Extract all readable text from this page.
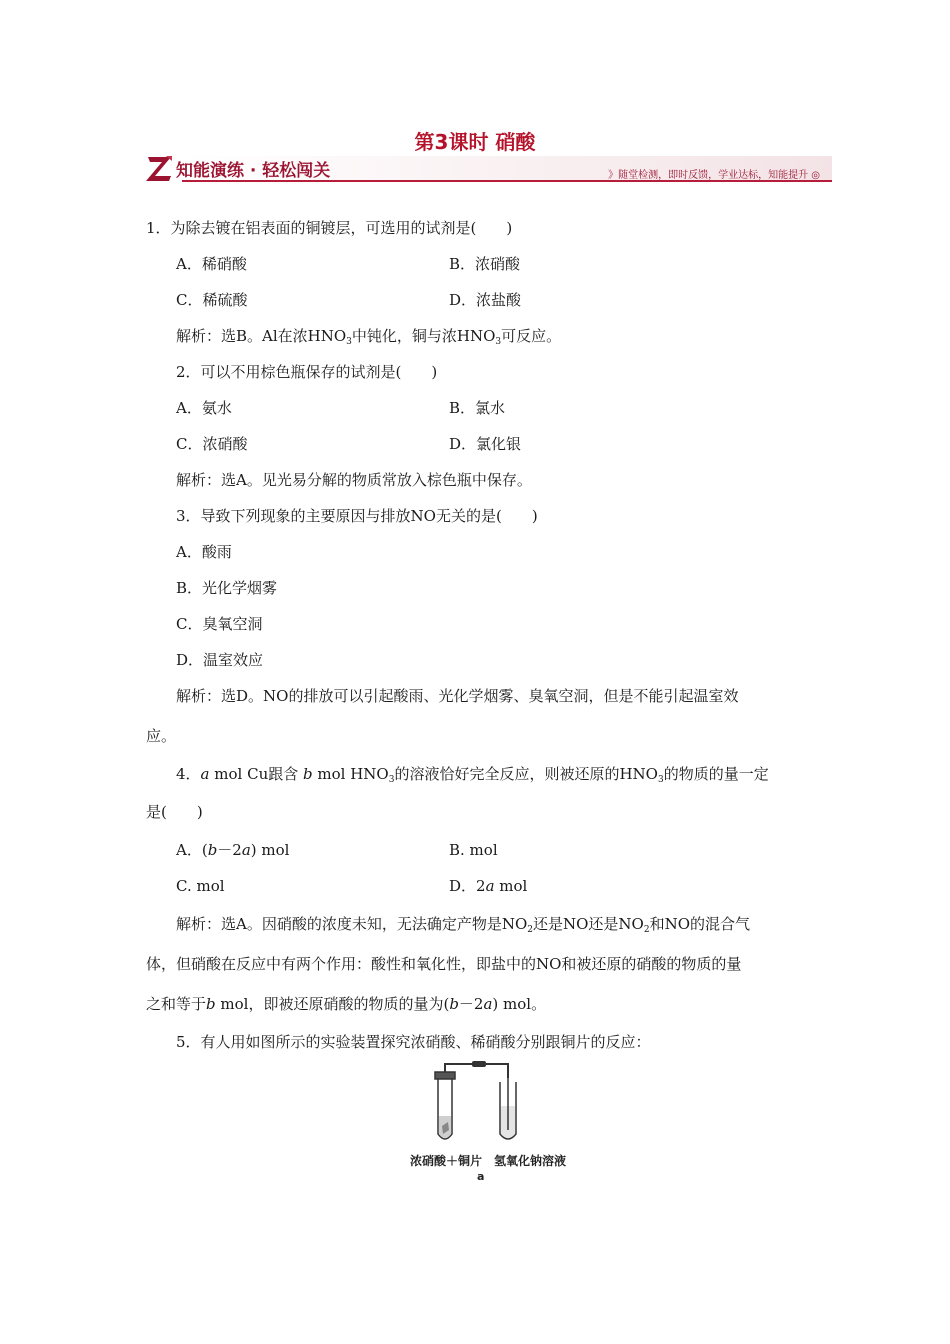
第3课时 硝酸
知能演练 · 轻松闯关	》随堂检测，即时反馈，学业达标，知能提升 ◎
1．为除去镀在铝表面的铜镀层，可选用的试剂是(　　)
A．稀硝酸	B．浓硝酸
C．稀硫酸	D．浓盐酸
解析：选B。Al在浓$HNO_3$中钝化，铜与浓$HNO_3$可反应。
2．可以不用棕色瓶保存的试剂是(　　)
A．氨水	B．氯水
C．浓硝酸	D．氯化银
解析：选A。见光易分解的物质常放入棕色瓶中保存。
3．导致下列现象的主要原因与排放NO无关的是(　　)
A．酸雨
B．光化学烟雾
C．臭氧空洞
D．温室效应
解析：选D。NO的排放可以引起酸雨、光化学烟雾、臭氧空洞，但是不能引起温室效
应。
4．a mol Cu跟含 b mol $HNO_3$的溶液恰好完全反应，则被还原的$HNO_3$的物质的量一定
是(　　)
A．(b－2a) mol	B. mol
C. mol	D．2a mol
解析：选A。因硝酸的浓度未知，无法确定产物是$NO_2$还是NO还是$NO_2$和NO的混合气
体，但硝酸在反应中有两个作用：酸性和氧化性，即盐中的NO和被还原的硝酸的物质的量
之和等于b mol，即被还原硝酸的物质的量为(b－2a) mol。
5．有人用如图所示的实验装置探究浓硝酸、稀硝酸分别跟铜片的反应：
浓硝酸＋铜片 氢氧化钠溶液
a
